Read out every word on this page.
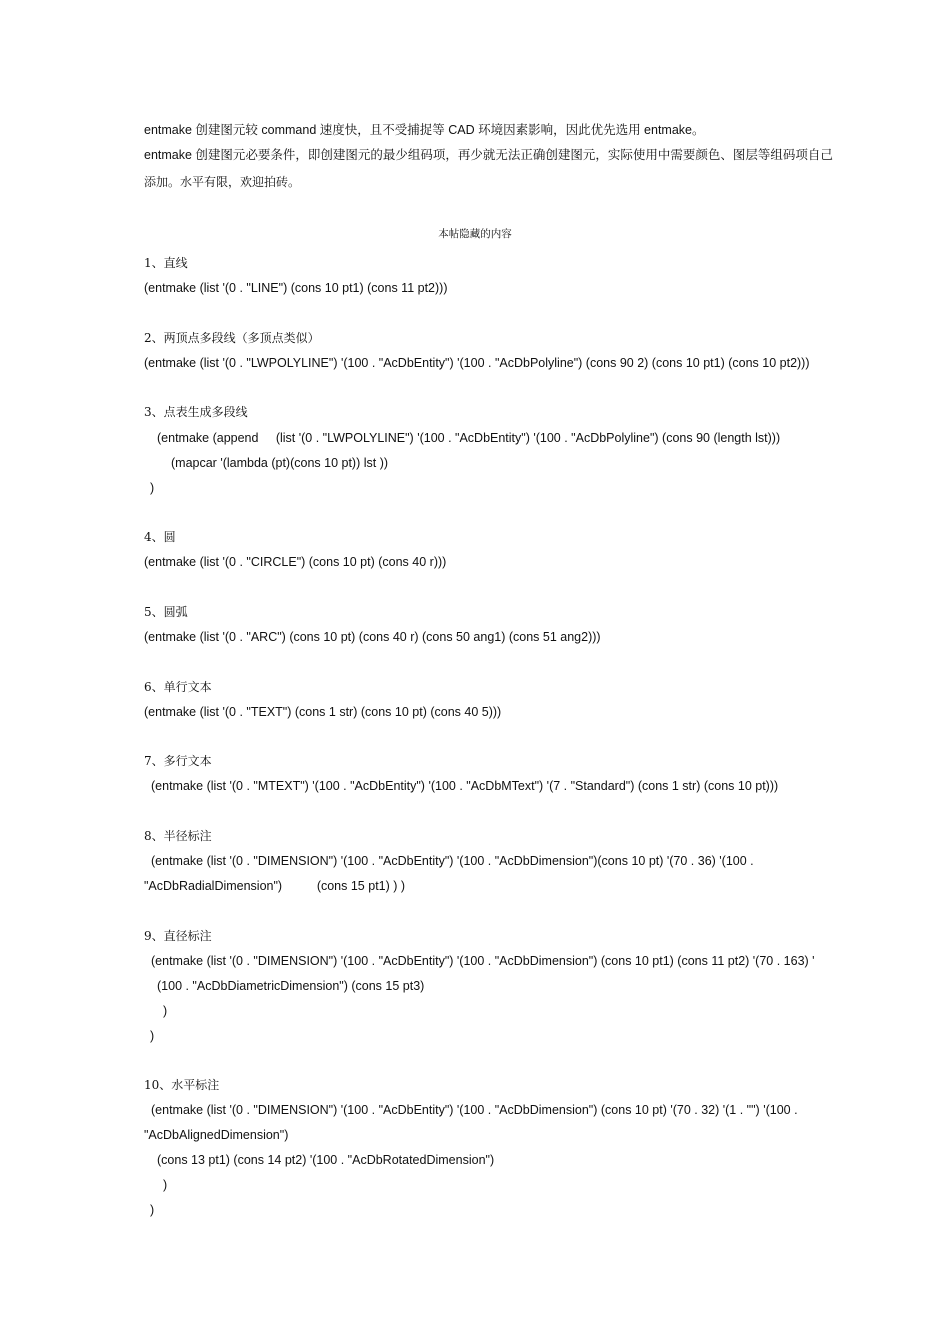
entmake 创建图元较 command 速度快，且不受捕捉等 CAD 环境因素影响，因此优先选用 entmake。
entmake 创建图元必要条件，即创建图元的最少组码项，再少就无法正确创建图元，实际使用中需要颜色、图层等组码项自己
添加。水平有限，欢迎拍砖。
本帖隐藏的内容
1、直线
(entmake (list '(0 . "LINE") (cons 10 pt1) (cons 11 pt2)))
2、两顶点多段线（多顶点类似）
(entmake (list '(0 . "LWPOLYLINE") '(100 . "AcDbEntity") '(100 . "AcDbPolyline") (cons 90 2) (cons 10 pt1) (cons 10 pt2)))
3、点表生成多段线
(entmake (append     (list '(0 . "LWPOLYLINE") '(100 . "AcDbEntity") '(100 . "AcDbPolyline") (cons 90 (length lst)))
(mapcar '(lambda (pt)(cons 10 pt)) lst ))
)
4、圆
(entmake (list '(0 . "CIRCLE") (cons 10 pt) (cons 40 r)))
5、圆弧
(entmake (list '(0 . "ARC") (cons 10 pt) (cons 40 r) (cons 50 ang1) (cons 51 ang2)))
6、单行文本
(entmake (list '(0 . "TEXT") (cons 1 str) (cons 10 pt) (cons 40 5)))
7、多行文本
(entmake (list '(0 . "MTEXT") '(100 . "AcDbEntity") '(100 . "AcDbMText") '(7 . "Standard") (cons 1 str) (cons 10 pt)))
8、半径标注
(entmake (list '(0 . "DIMENSION") '(100 . "AcDbEntity") '(100 . "AcDbDimension")(cons 10 pt) '(70 . 36) '(100 .
"AcDbRadialDimension")          (cons 15 pt1) ) )
9、直径标注
(entmake (list '(0 . "DIMENSION") '(100 . "AcDbEntity") '(100 . "AcDbDimension") (cons 10 pt1) (cons 11 pt2) '(70 . 163) '
(100 . "AcDbDiametricDimension") (cons 15 pt3)
)
)
10、水平标注
(entmake (list '(0 . "DIMENSION") '(100 . "AcDbEntity") '(100 . "AcDbDimension") (cons 10 pt) '(70 . 32) '(1 . "") '(100 .
"AcDbAlignedDimension")
(cons 13 pt1) (cons 14 pt2) '(100 . "AcDbRotatedDimension")
)
)
